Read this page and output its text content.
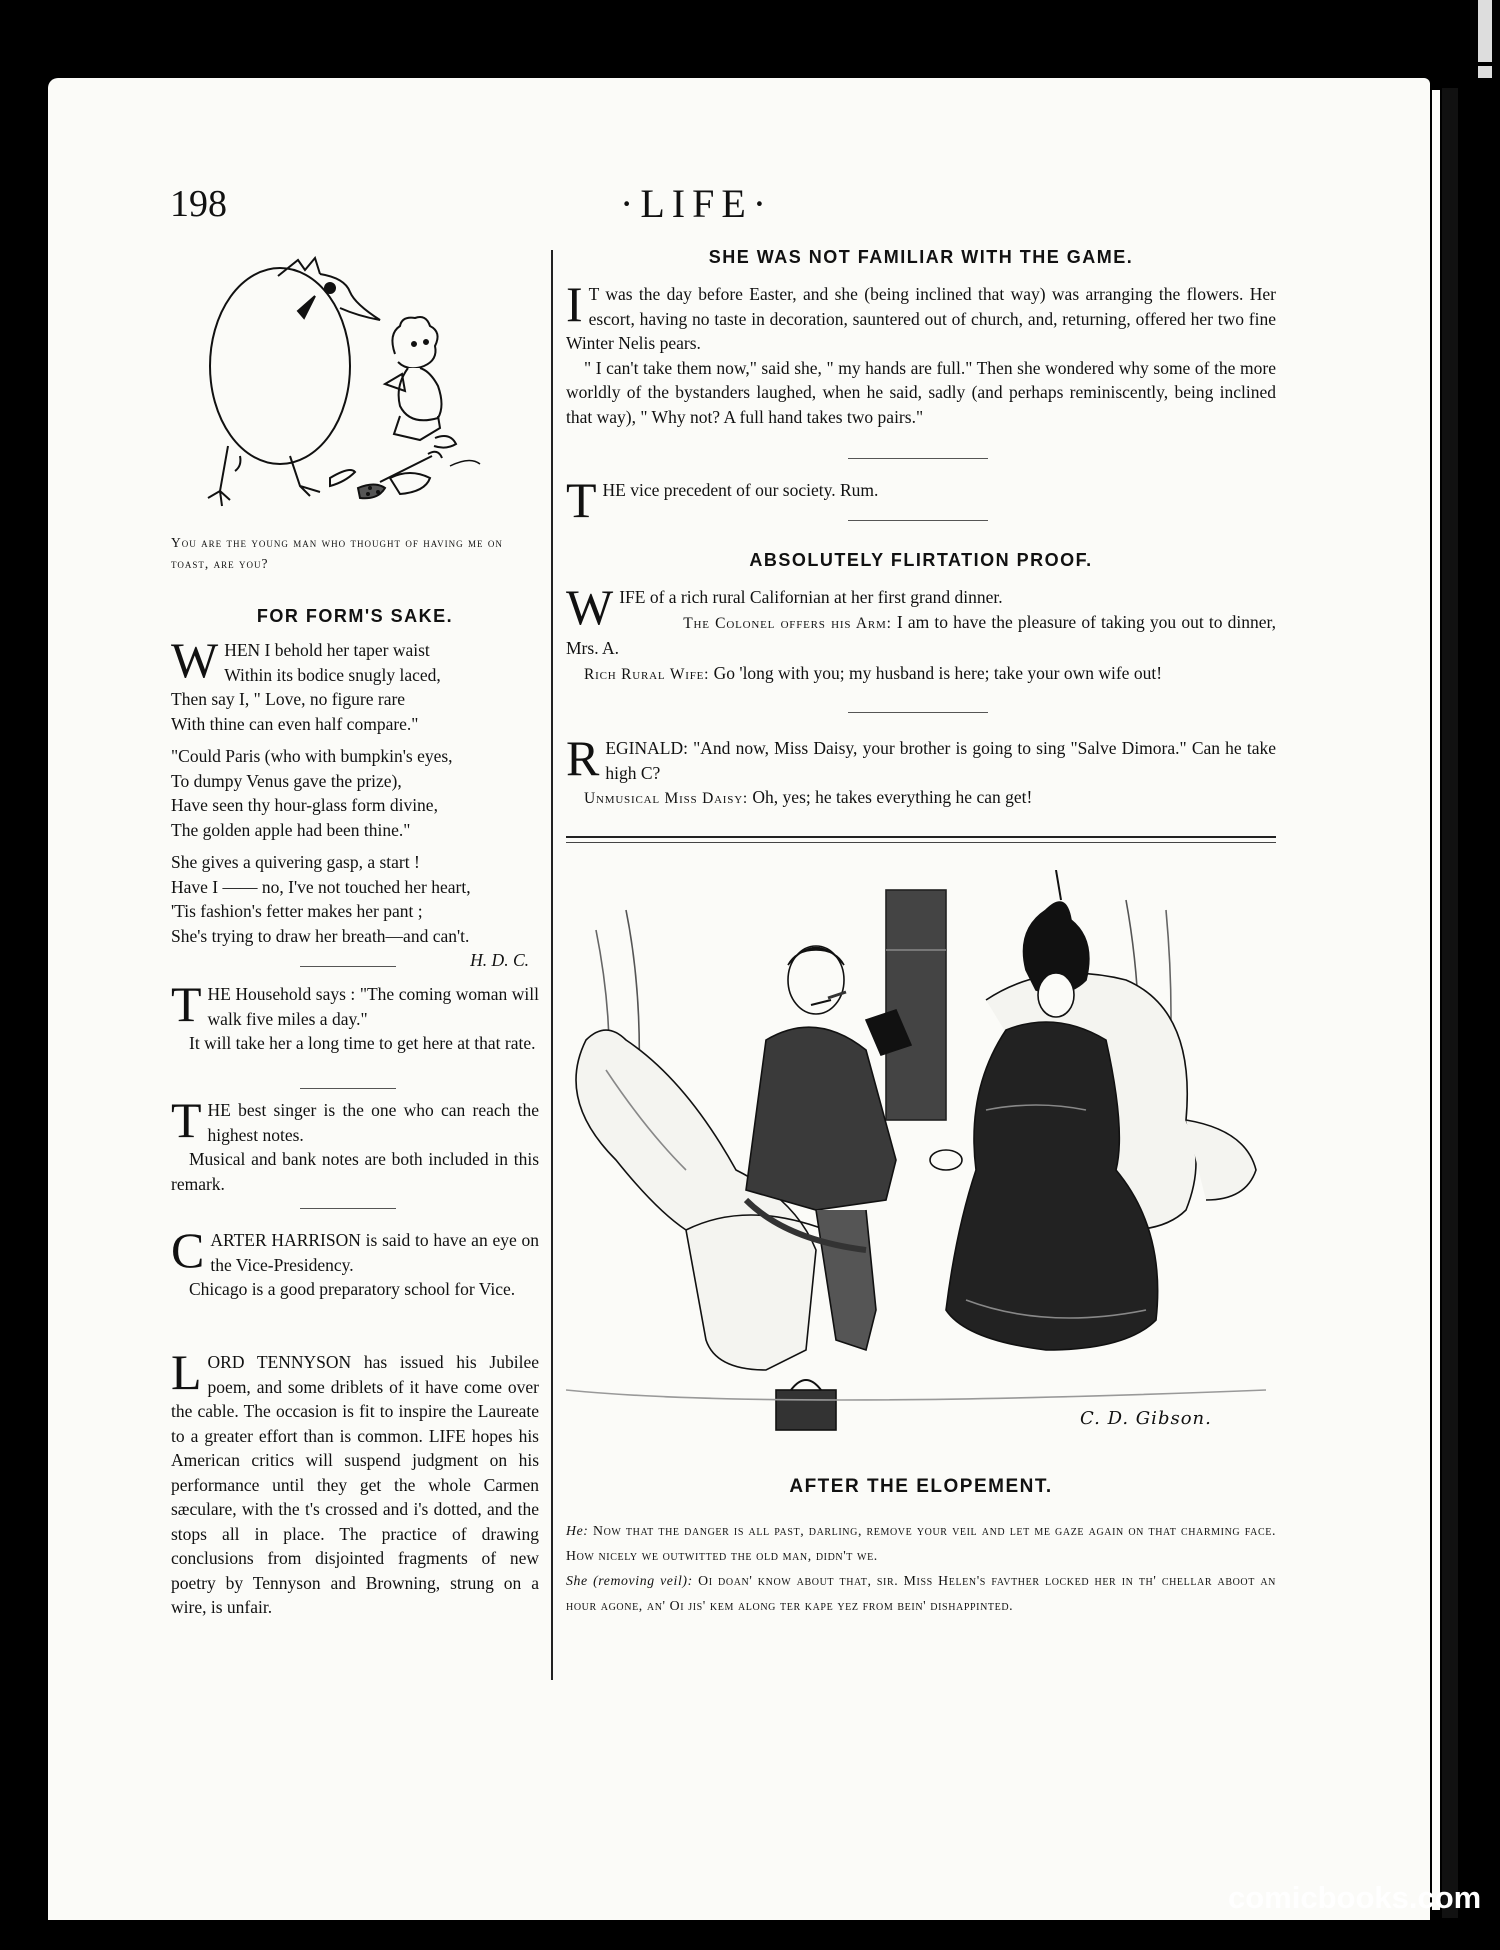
198	·LIFE·
You are the young man who thought of having me on toast, are you?
FOR FORM'S SAKE.
W HEN I behold her taper waist
Within its bodice snugly laced,
Then say I, " Love, no figure rare
With thine can even half compare."
"Could Paris (who with bumpkin's eyes,
To dumpy Venus gave the prize),
Have seen thy hour-glass form divine,
The golden apple had been thine."
She gives a quivering gasp, a start !
Have I —— no, I've not touched her heart,
'Tis fashion's fetter makes her pant ;
She's trying to draw her breath—and can't.
H. D. C.
T HE Household says : "The coming woman will walk five miles a day."

It will take her a long time to get here at that rate.

T HE best singer is the one who can reach the highest notes.

Musical and bank notes are both included in this remark.

C ARTER HARRISON is said to have an eye on the Vice-Presidency.

Chicago is a good preparatory school for Vice.

L ORD TENNYSON has issued his Jubilee poem, and some driblets of it have come over the cable. The occasion is fit to inspire the Laureate to a greater effort than is common. LIFE hopes his American critics will suspend judgment on his performance until they get the whole Carmen sæculare, with the t's crossed and i's dotted, and the stops all in place. The practice of drawing conclusions from disjointed fragments of new poetry by Tennyson and Browning, strung on a wire, is unfair.

SHE WAS NOT FAMILIAR WITH THE GAME.
I T was the day before Easter, and she (being inclined that way) was arranging the flowers. Her escort, having no taste in decoration, sauntered out of church, and, returning, offered her two fine Winter Nelis pears.

" I can't take them now," said she, " my hands are full." Then she wondered why some of the more worldly of the bystanders laughed, when he said, sadly (and perhaps reminiscently, being inclined that way), " Why not? A full hand takes two pairs."

T HE vice precedent of our society. Rum.

ABSOLUTELY FLIRTATION PROOF.
W IFE of a rich rural Californian at her first grand dinner.

The Colonel offers his Arm: I am to have the pleasure of taking you out to dinner, Mrs. A.

Rich Rural Wife: Go 'long with you; my husband is here; take your own wife out!

R EGINALD: "And now, Miss Daisy, your brother is going to sing "Salve Dimora." Can he take high C?

Unmusical Miss Daisy: Oh, yes; he takes everything he can get!

C. D. Gibson.
AFTER THE ELOPEMENT.

He: Now that the danger is all past, darling, remove your veil and let me gaze again on that charming face. How nicely we outwitted the old man, didn't we.

She (removing veil): Oi doan' know about that, sir. Miss Helen's favther locked her in th' chellar aboot an hour agone, an' Oi jis' kem along ter kape yez from bein' dishappinted.

comicbooks.com
